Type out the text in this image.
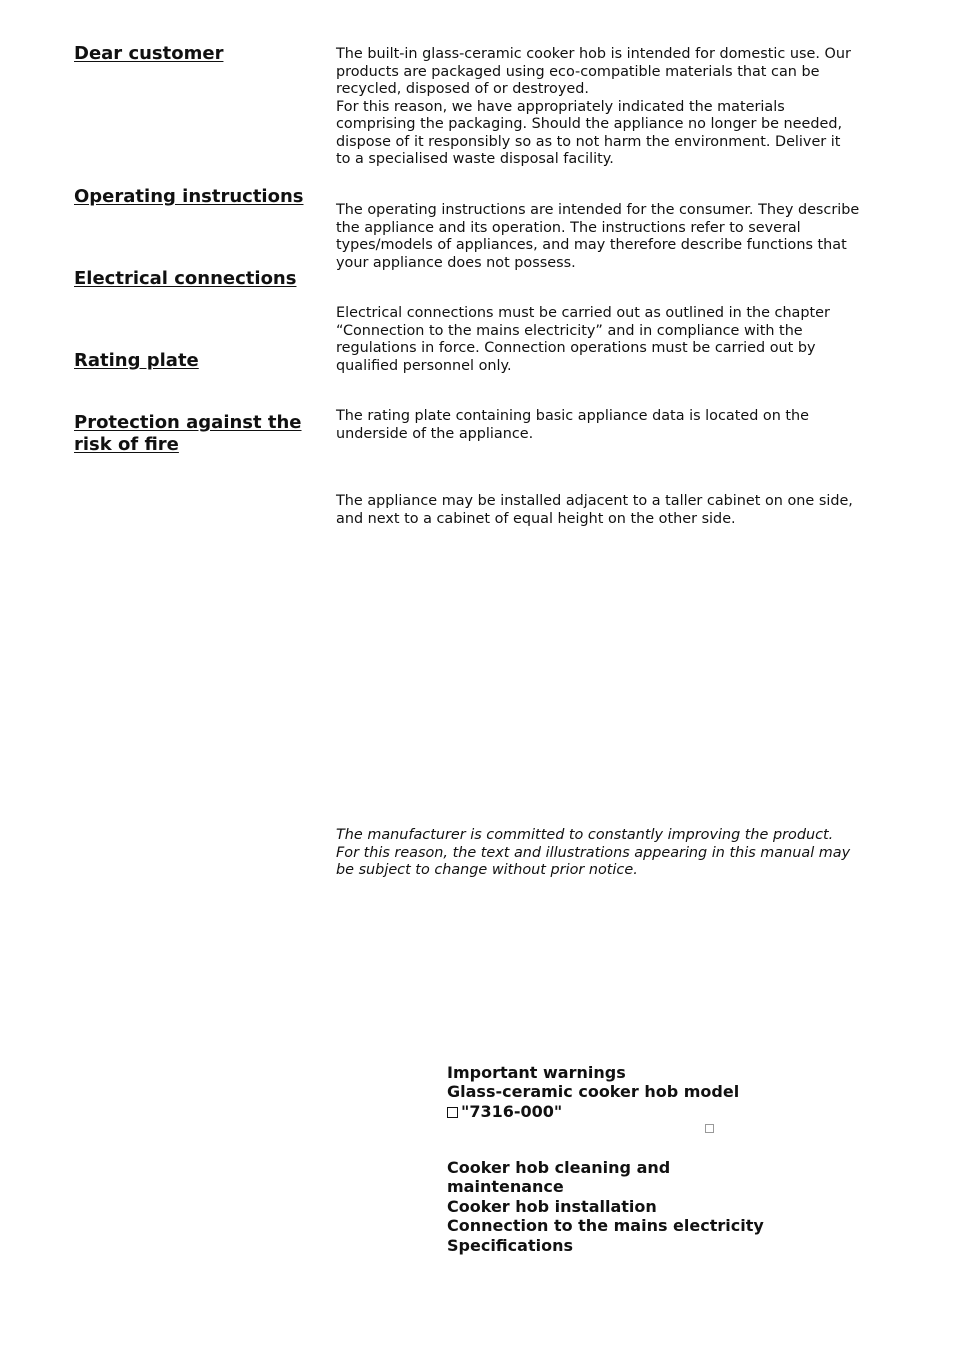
Dear customer
Operating instructions
Electrical connections
Rating plate
Protection against the risk of fire
The built-in glass-ceramic cooker hob is intended for domestic use. Our
products are packaged using eco-compatible materials that can be
recycled, disposed of or destroyed.
For this reason, we have appropriately indicated the materials
comprising the packaging. Should the appliance no longer be needed,
dispose of it responsibly so as to not harm the environment. Deliver it
to a specialised waste disposal facility.
The operating instructions are intended for the consumer. They describe
the appliance and its operation. The instructions refer to several
types/models of appliances, and may therefore describe functions that
your appliance does not possess.
Electrical connections must be carried out as outlined in the chapter
“Connection to the mains electricity” and in compliance with the
regulations in force. Connection operations must be carried out by
qualified personnel only.
The rating plate containing basic appliance data is located on the
underside of the appliance.
The appliance may be installed adjacent to a taller cabinet on one side,
and next to a cabinet of equal height on the other side.
The manufacturer is committed to constantly improving the product.
For this reason, the text and illustrations appearing in this manual may
be subject to change without prior notice.
Important warnings
Glass-ceramic cooker hob model
"7316-000"
Cooker hob cleaning and
maintenance
Cooker hob installation
Connection to the mains electricity
Specifications
